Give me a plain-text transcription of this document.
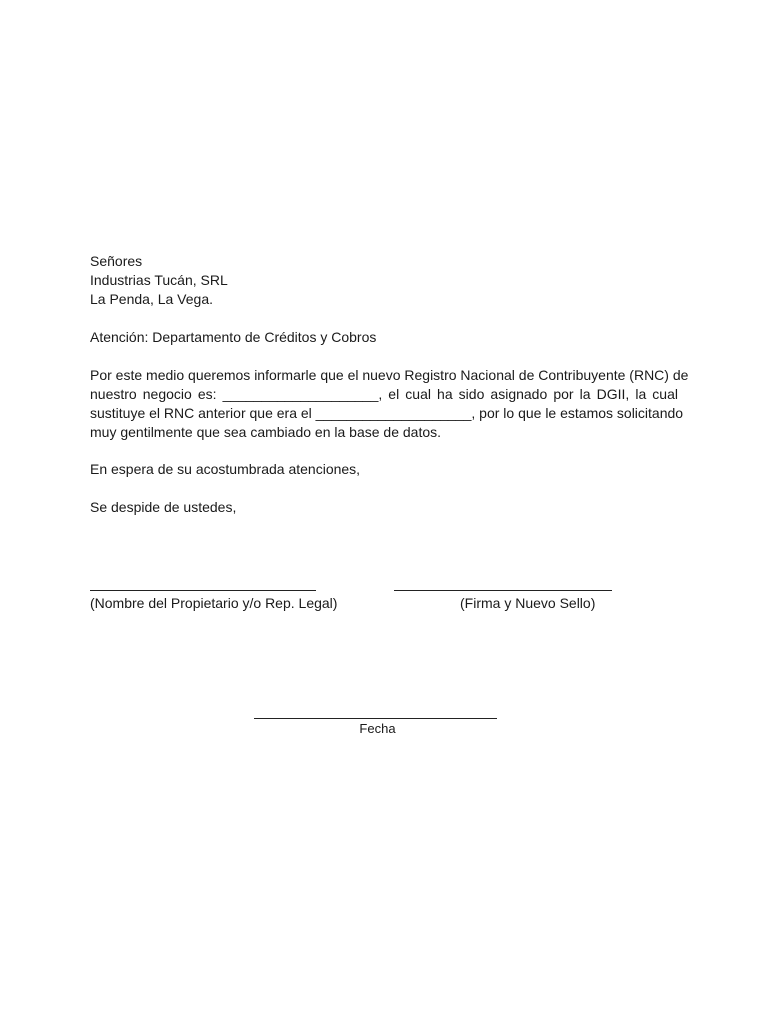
Señores
Industrias Tucán, SRL
La Penda, La Vega.
Atención: Departamento de Créditos y Cobros
Por este medio queremos informarle que el nuevo Registro Nacional de Contribuyente (RNC) de
nuestro negocio es: ____________________, el cual ha sido asignado por la DGII, la cual
sustituye el RNC anterior que era el ____________________, por lo que le estamos solicitando
muy gentilmente que sea cambiado en la base de datos.
En espera de su acostumbrada atenciones,
Se despide de ustedes,
(Nombre del Propietario y/o Rep. Legal)	(Firma y Nuevo Sello)
Fecha
